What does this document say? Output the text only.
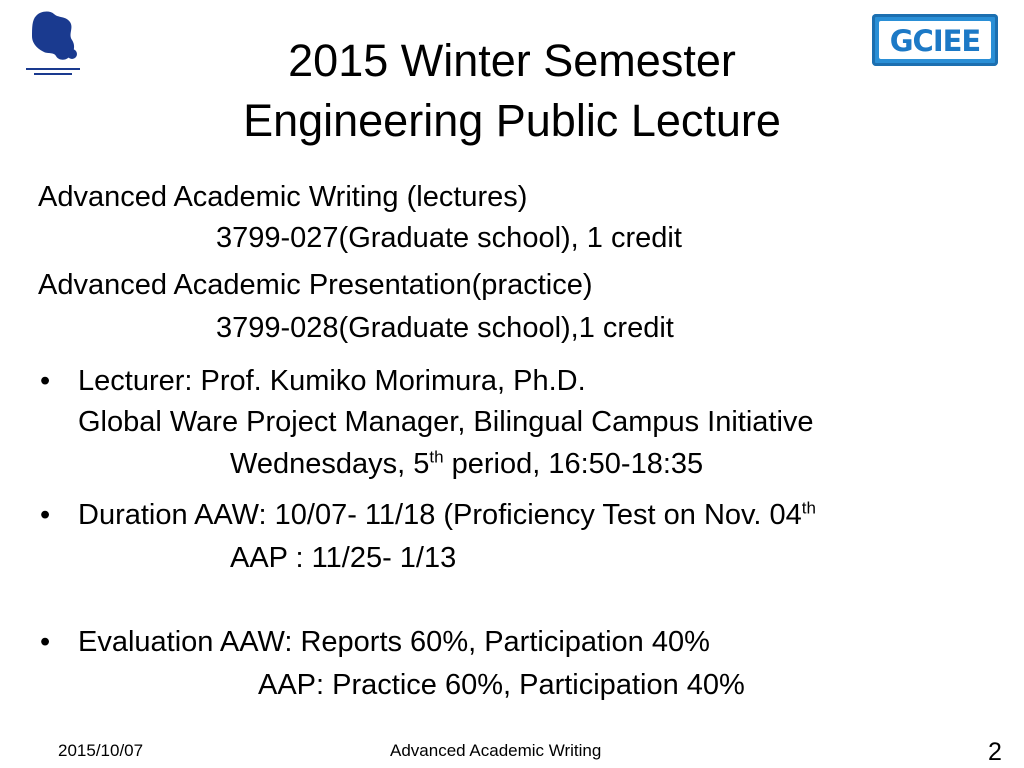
GCIEE
2015 Winter Semester
Engineering Public Lecture
Advanced Academic Writing (lectures)
3799-027(Graduate school), 1 credit
Advanced Academic Presentation(practice)
3799-028(Graduate school),1 credit
• Lecturer: Prof. Kumiko Morimura, Ph.D.
Global Ware Project Manager, Bilingual Campus Initiative
Wednesdays, 5th period, 16:50-18:35
• Duration AAW: 10/07- 11/18 (Proficiency Test on Nov. 04th
AAP : 11/25- 1/13
• Evaluation AAW: Reports 60%, Participation 40%
AAP: Practice 60%, Participation 40%
2015/10/07	Advanced Academic Writing	2
